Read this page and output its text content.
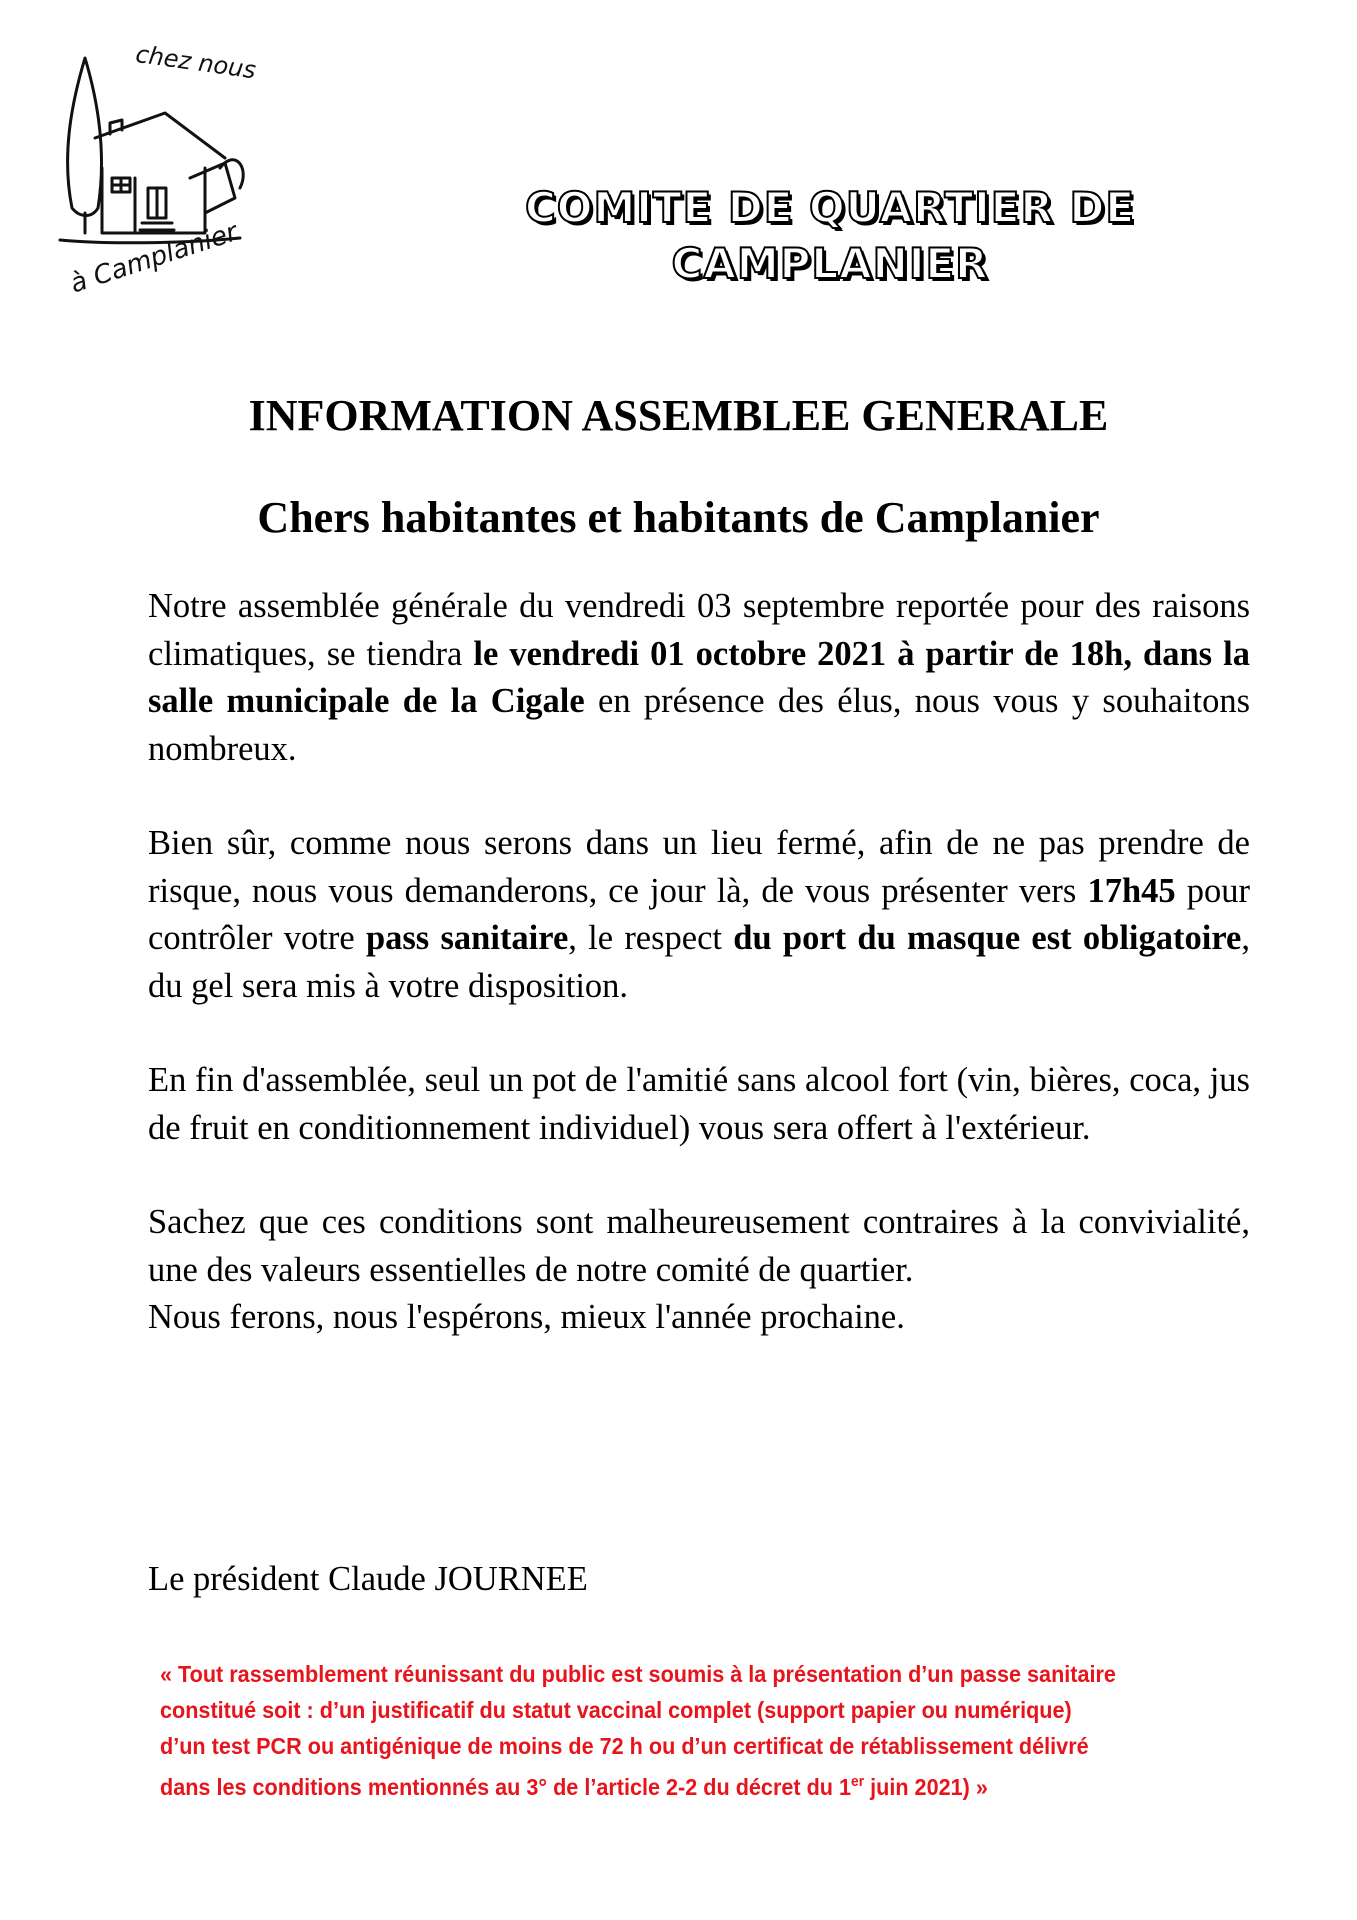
chez nous
à Camplanier
COMITE DE QUARTIER DE
CAMPLANIER
INFORMATION ASSEMBLEE GENERALE
Chers habitantes et habitants de Camplanier

Notre assemblée générale du vendredi 03 septembre reportée pour des raisons climatiques, se tiendra le vendredi 01 octobre 2021 à partir de 18h, dans la salle municipale de la Cigale en présence des élus, nous vous y souhaitons nombreux.

Bien sûr, comme nous serons dans un lieu fermé, afin de ne pas prendre de risque, nous vous demanderons, ce jour là, de vous présenter vers 17h45 pour contrôler votre pass sanitaire, le respect du port du masque est obligatoire, du gel sera mis à votre disposition.

En fin d'assemblée, seul un pot de l'amitié sans alcool fort (vin, bières, coca, jus de fruit en conditionnement individuel) vous sera offert à l'extérieur.

Sachez que ces conditions sont malheureusement contraires à la convivialité, une des valeurs essentielles de notre comité de quartier.

Nous ferons, nous l'espérons, mieux l'année prochaine.

Le président Claude JOURNEE
« Tout rassemblement réunissant du public est soumis à la présentation d’un passe sanitaire
constitué soit : d’un justificatif du statut vaccinal complet (support papier ou numérique)
d’un test PCR ou antigénique de moins de 72 h ou d’un certificat de rétablissement délivré
dans les conditions mentionnés au 3° de l’article 2-2 du décret du 1er juin 2021) »
